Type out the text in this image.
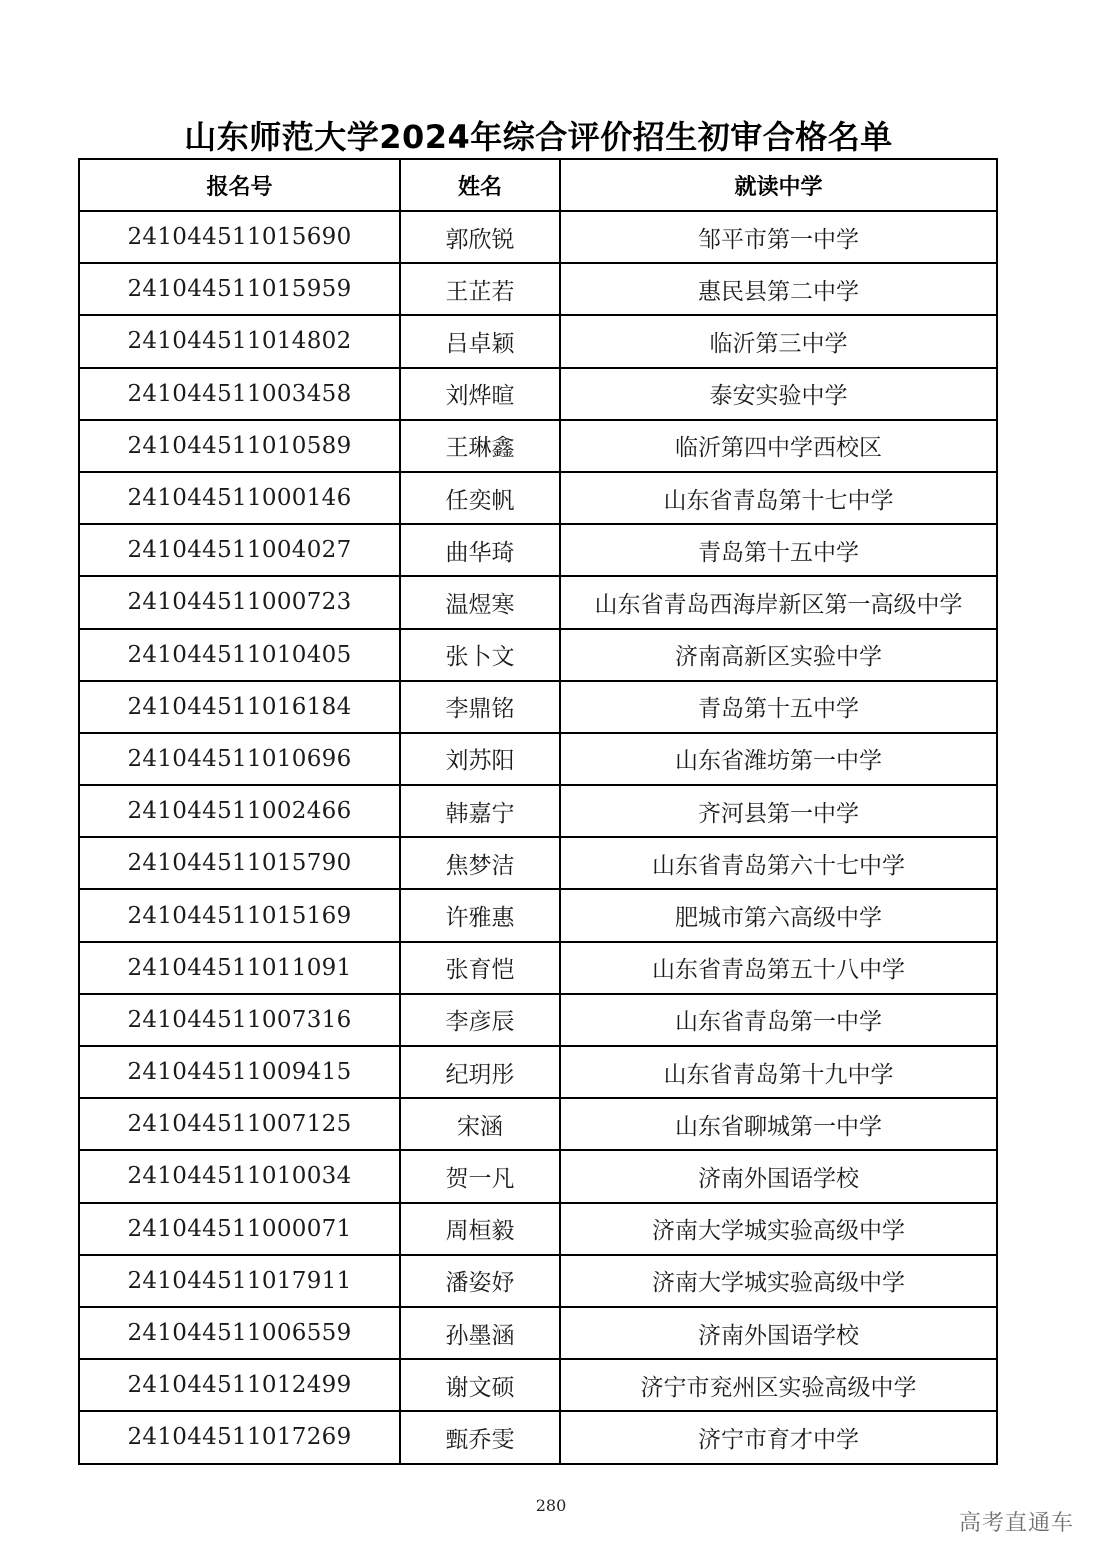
山东师范大学2024年综合评价招生初审合格名单
报名号	姓名	就读中学
241044511015690	郭欣锐	邹平市第一中学
241044511015959	王芷若	惠民县第二中学
241044511014802	吕卓颖	临沂第三中学
241044511003458	刘烨暄	泰安实验中学
241044511010589	王琳鑫	临沂第四中学西校区
241044511000146	任奕帆	山东省青岛第十七中学
241044511004027	曲华琦	青岛第十五中学
241044511000723	温煜寒	山东省青岛西海岸新区第一高级中学
241044511010405	张卜文	济南高新区实验中学
241044511016184	李鼎铭	青岛第十五中学
241044511010696	刘苏阳	山东省潍坊第一中学
241044511002466	韩嘉宁	齐河县第一中学
241044511015790	焦梦洁	山东省青岛第六十七中学
241044511015169	许雅惠	肥城市第六高级中学
241044511011091	张育恺	山东省青岛第五十八中学
241044511007316	李彦辰	山东省青岛第一中学
241044511009415	纪玥彤	山东省青岛第十九中学
241044511007125	宋涵	山东省聊城第一中学
241044511010034	贺一凡	济南外国语学校
241044511000071	周桓毅	济南大学城实验高级中学
241044511017911	潘姿妤	济南大学城实验高级中学
241044511006559	孙墨涵	济南外国语学校
241044511012499	谢文硕	济宁市兖州区实验高级中学
241044511017269	甄乔雯	济宁市育才中学
280
高考直通车
